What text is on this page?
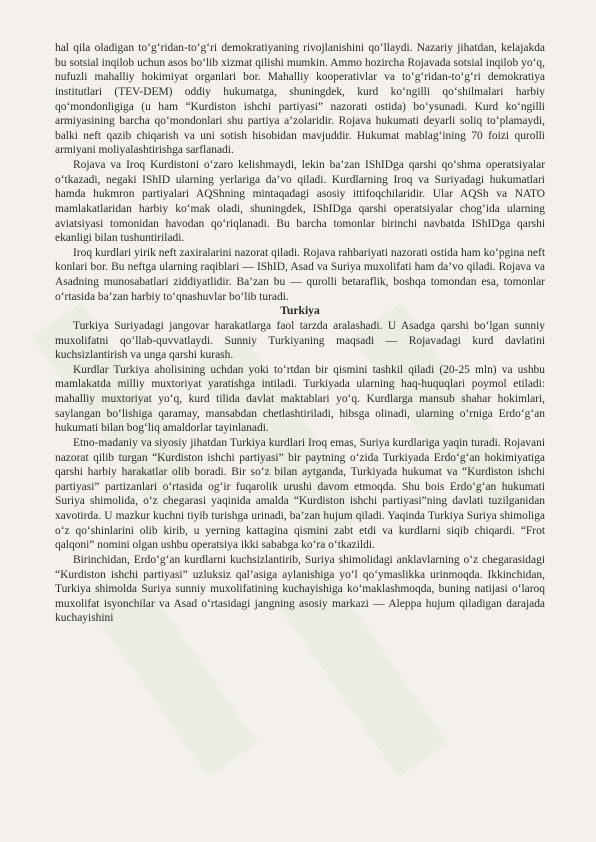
hal qila oladigan to‘g‘ridan-to‘g‘ri demokratiyaning rivojlanishini qo‘llaydi. Nazariy jihatdan, kelajakda bu sotsial inqilob uchun asos bo‘lib xizmat qilishi mumkin. Ammo hozircha Rojavada sotsial inqilob yo‘q, nufuzli mahalliy hokimiyat organlari bor. Mahalliy kooperativlar va to‘g‘ridan-to‘g‘ri demokratiya institutlari (TEV-DEM) oddiy hukumatga, shuningdek, kurd ko‘ngilli qo‘shilmalari harbiy qo‘mondonligiga (u ham “Kurdiston ishchi partiyasi” nazorati ostida) bo‘ysunadi. Kurd ko‘ngilli armiyasining barcha qo‘mondonlari shu partiya a’zolaridir. Rojava hukumati deyarli soliq to‘plamaydi, balki neft qazib chiqarish va uni sotish hisobidan mavjuddir. Hukumat mablag‘ining 70 foizi qurolli armiyani moliyalashtirishga sarflanadi.

Rojava va Iroq Kurdistoni o‘zaro kelishmaydi, lekin ba’zan IShIDga qarshi qo‘shma operatsiyalar o‘tkazadi, negaki IShID ularning yerlariga da’vo qiladi. Kurdlarning Iroq va Suriyadagi hukumatlari hamda hukmron partiyalari AQShning mintaqadagi asosiy ittifoqchilaridir. Ular AQSh va NATO mamlakatlaridan harbiy ko‘mak oladi, shuningdek, IShIDga qarshi operatsiyalar chog‘ida ularning aviatsiyasi tomonidan havodan qo‘riqlanadi. Bu barcha tomonlar birinchi navbatda IShIDga qarshi ekanligi bilan tushuntiriladi.

Iroq kurdlari yirik neft zaxiralarini nazorat qiladi. Rojava rahbariyati nazorati ostida ham ko‘pgina neft konlari bor. Bu neftga ularning raqiblari — IShID, Asad va Suriya muxolifati ham da’vo qiladi. Rojava va Asadning munosabatlari ziddiyatlidir. Ba’zan bu — qurolli betaraflik, boshqa tomondan esa, tomonlar o‘rtasida ba’zan harbiy to‘qnashuvlar bo‘lib turadi.

Turkiya

Turkiya Suriyadagi jangovar harakatlarga faol tarzda aralashadi. U Asadga qarshi bo‘lgan sunniy muxolifatni qo‘llab-quvvatlaydi. Sunniy Turkiyaning maqsadi — Rojavadagi kurd davlatini kuchsizlantirish va unga qarshi kurash.

Kurdlar Turkiya aholisining uchdan yoki to‘rtdan bir qismini tashkil qiladi (20-25 mln) va ushbu mamlakatda milliy muxtoriyat yaratishga intiladi. Turkiyada ularning haq-huquqlari poymol etiladi: mahalliy muxtoriyat yo‘q, kurd tilida davlat maktablari yo‘q. Kurdlarga mansub shahar hokimlari, saylangan bo‘lishiga qaramay, mansabdan chetlashtiriladi, hibsga olinadi, ularning o‘rniga Erdo‘g‘an hukumati bilan bog‘liq amaldorlar tayinlanadi.

Etno-madaniy va siyosiy jihatdan Turkiya kurdlari Iroq emas, Suriya kurdlariga yaqin turadi. Rojavani nazorat qilib turgan “Kurdiston ishchi partiyasi” bir paytning o‘zida Turkiyada Erdo‘g‘an hokimiyatiga qarshi harbiy harakatlar olib boradi. Bir so‘z bilan aytganda, Turkiyada hukumat va “Kurdiston ishchi partiyasi” partizanlari o‘rtasida og‘ir fuqarolik urushi davom etmoqda. Shu bois Erdo‘g‘an hukumati Suriya shimolida, o‘z chegarasi yaqinida amalda “Kurdiston ishchi partiyasi”ning davlati tuzilganidan xavotirda. U mazkur kuchni tiyib turishga urinadi, ba’zan hujum qiladi. Yaqinda Turkiya Suriya shimoliga o‘z qo‘shinlarini olib kirib, u yerning kattagina qismini zabt etdi va kurdlarni siqib chiqardi. “Frot qalqoni” nomini olgan ushbu operatsiya ikki sababga ko‘ra o‘tkazildi.

Birinchidan, Erdo‘g‘an kurdlarni kuchsizlantirib, Suriya shimolidagi anklavlarning o‘z chegarasidagi “Kurdiston ishchi partiyasi” uzluksiz qal’asiga aylanishiga yo‘l qo‘ymaslikka urinmoqda. Ikkinchidan, Turkiya shimolda Suriya sunniy muxolifatining kuchayishiga ko‘maklashmoqda, buning natijasi o‘laroq muxolifat isyonchilar va Asad o‘rtasidagi jangning asosiy markazi — Aleppa hujum qiladigan darajada kuchayishini
